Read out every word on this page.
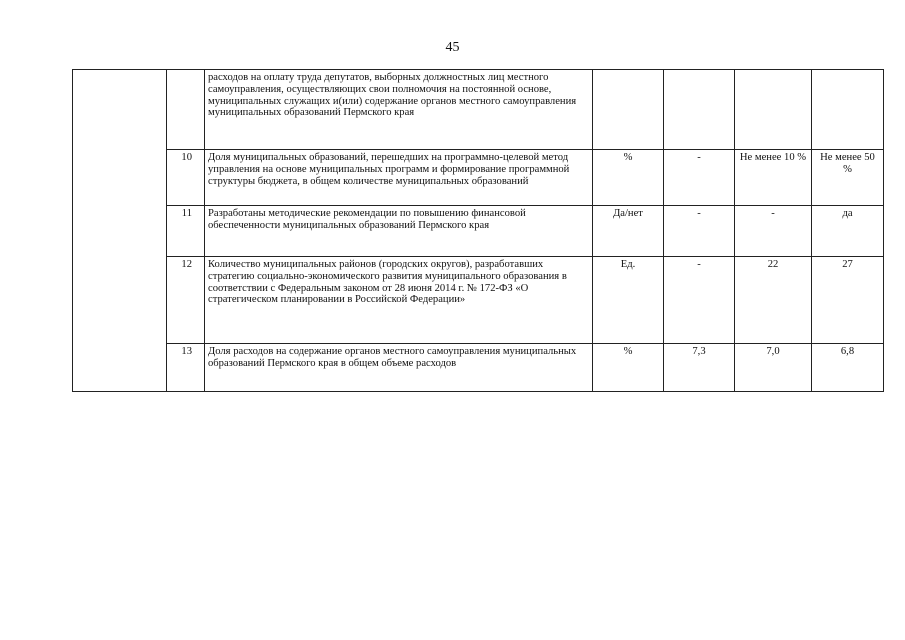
45
		расходов на оплату труда депутатов, выборных должностных лиц местного самоуправления, осуществляющих свои полномочия на постоянной основе, муниципальных служащих и(или) содержание органов местного самоуправления муниципальных образований Пермского края				
	10	Доля муниципальных образований, перешедших на программно-целевой метод управления на основе муниципальных программ и формирование программной структуры бюджета, в общем количестве муниципальных образований	%	-	Не менее 10 %	Не менее 50 %
	11	Разработаны методические рекомендации по повышению финансовой обеспеченности муниципальных образований Пермского края	Да/нет	-	-	да
	12	Количество муниципальных районов (городских округов), разработавших стратегию социально-экономического развития муниципального образования в соответствии с Федеральным законом от 28 июня 2014 г. № 172-ФЗ «О стратегическом планировании в Российской Федерации»	Ед.	-	22	27
	13	Доля расходов на содержание органов местного самоуправления муниципальных образований Пермского края в общем объеме расходов	%	7,3	7,0	6,8
